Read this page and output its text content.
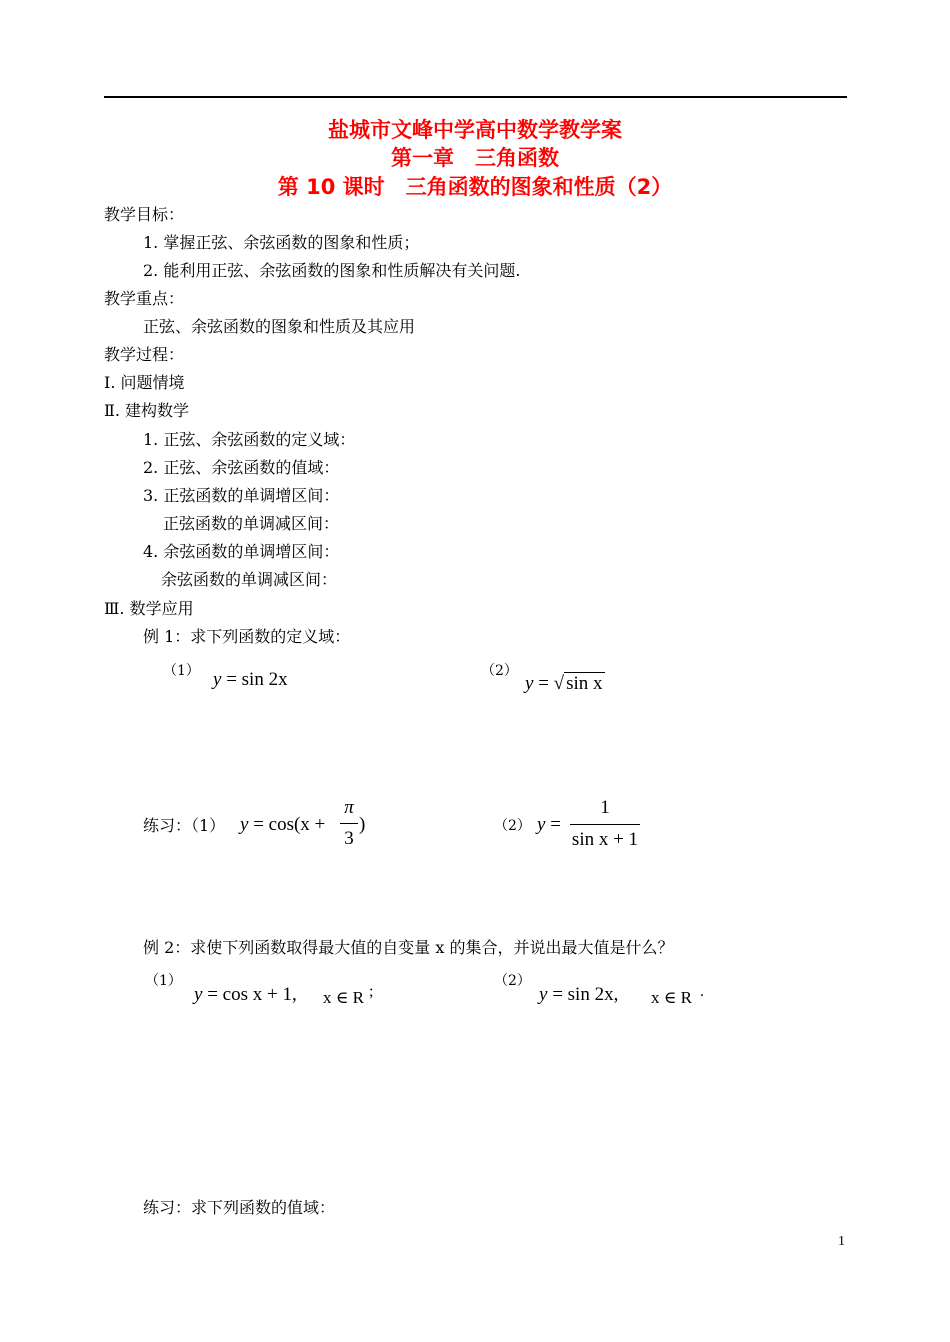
盐城市文峰中学高中数学教学案
第一章　三角函数
第 10 课时　三角函数的图象和性质（2）
教学目标：
1. 掌握正弦、余弦函数的图象和性质；
2. 能利用正弦、余弦函数的图象和性质解决有关问题.
教学重点：
正弦、余弦函数的图象和性质及其应用
教学过程：
Ⅰ. 问题情境
Ⅱ. 建构数学
1. 正弦、余弦函数的定义域：
2. 正弦、余弦函数的值域：
3. 正弦函数的单调增区间：
正弦函数的单调减区间：
4. 余弦函数的单调增区间：
余弦函数的单调减区间：
Ⅲ. 数学应用
例 1：求下列函数的定义域：
（1） y = sin 2x	（2）
y = √ sin x
练习：（1） y = cos(x +
π
3
)	（2） y =
1
sin x + 1
例 2：求使下列函数取得最大值的自变量 x 的集合，并说出最大值是什么？
（1）
y = cos x + 1, x ∈ R ;
（2）
y = sin 2x, x ∈ R .
练习：求下列函数的值域：
1
